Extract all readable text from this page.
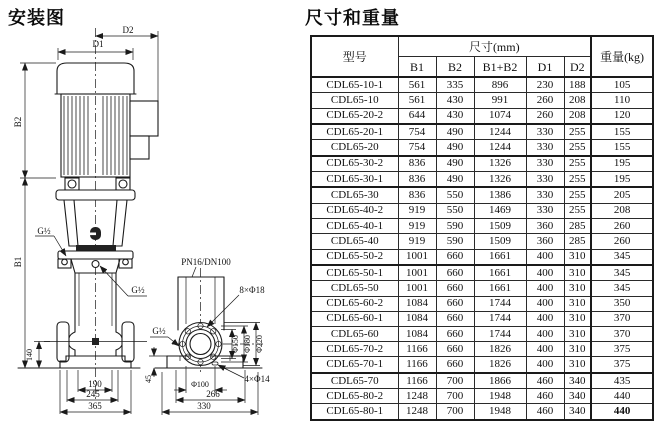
安装图	尺寸和重量
D2
D1
B2
B1
140
190
245
365
G½
G½
PN16/DN100
8×Φ18
Φ150 Φ180 Φ220
G½
4×Φ14
45
Φ100
266
330
型号	尺寸(mm)					重量(kg)
	B1	B2	B1+B2	D1	D2	
CDL65-10-1	561	335	896	230	188	105
CDL65-10	561	430	991	260	208	110
CDL65-20-2	644	430	1074	260	208	120
CDL65-20-1	754	490	1244	330	255	155
CDL65-20	754	490	1244	330	255	155
CDL65-30-2	836	490	1326	330	255	195
CDL65-30-1	836	490	1326	330	255	195
CDL65-30	836	550	1386	330	255	205
CDL65-40-2	919	550	1469	330	255	208
CDL65-40-1	919	590	1509	360	285	260
CDL65-40	919	590	1509	360	285	260
CDL65-50-2	1001	660	1661	400	310	345
CDL65-50-1	1001	660	1661	400	310	345
CDL65-50	1001	660	1661	400	310	345
CDL65-60-2	1084	660	1744	400	310	350
CDL65-60-1	1084	660	1744	400	310	370
CDL65-60	1084	660	1744	400	310	370
CDL65-70-2	1166	660	1826	400	310	375
CDL65-70-1	1166	660	1826	400	310	375
CDL65-70	1166	700	1866	460	340	435
CDL65-80-2	1248	700	1948	460	340	440
CDL65-80-1	1248	700	1948	460	340	440
